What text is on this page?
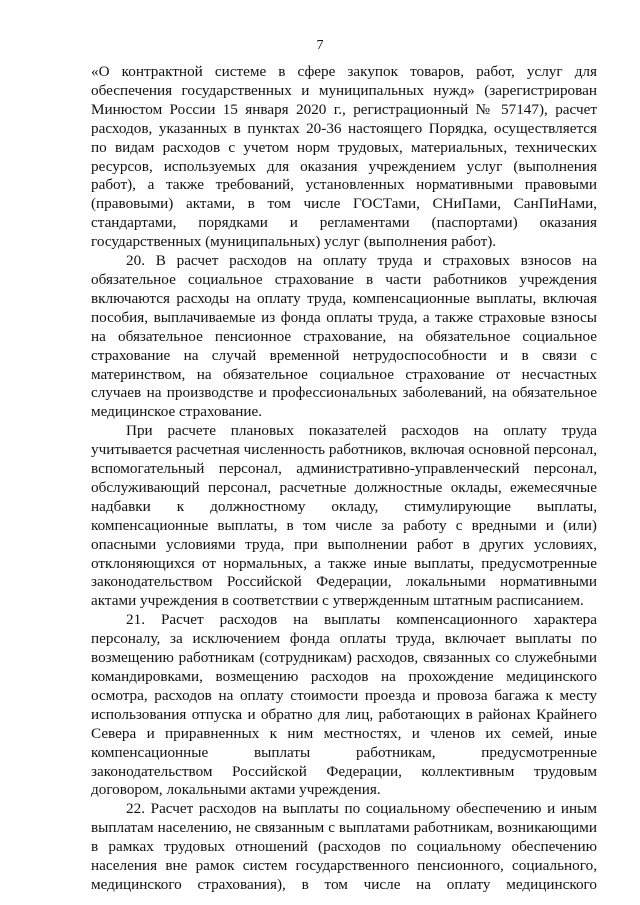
7
«О контрактной системе в сфере закупок товаров, работ, услуг для
обеспечения государственных и муниципальных нужд» (зарегистрирован
Минюстом России 15 января 2020 г., регистрационный № 57147), расчет
расходов, указанных в пунктах 20-36 настоящего Порядка, осуществляется
по видам расходов с учетом норм трудовых, материальных, технических
ресурсов, используемых для оказания учреждением услуг (выполнения
работ), а также требований, установленных нормативными правовыми
(правовыми) актами, в том числе ГОСТами, СНиПами, СанПиНами,
стандартами, порядками и регламентами (паспортами) оказания
государственных (муниципальных) услуг (выполнения работ).
20. В расчет расходов на оплату труда и страховых взносов на
обязательное социальное страхование в части работников учреждения
включаются расходы на оплату труда, компенсационные выплаты, включая
пособия, выплачиваемые из фонда оплаты труда, а также страховые взносы
на обязательное пенсионное страхование, на обязательное социальное
страхование на случай временной нетрудоспособности и в связи с
материнством, на обязательное социальное страхование от несчастных
случаев на производстве и профессиональных заболеваний, на обязательное
медицинское страхование.
При расчете плановых показателей расходов на оплату труда
учитывается расчетная численность работников, включая основной персонал,
вспомогательный персонал, административно-управленческий персонал,
обслуживающий персонал, расчетные должностные оклады, ежемесячные
надбавки к должностному окладу, стимулирующие выплаты,
компенсационные выплаты, в том числе за работу с вредными и (или)
опасными условиями труда, при выполнении работ в других условиях,
отклоняющихся от нормальных, а также иные выплаты, предусмотренные
законодательством Российской Федерации, локальными нормативными
актами учреждения в соответствии с утвержденным штатным расписанием.
21. Расчет расходов на выплаты компенсационного характера
персоналу, за исключением фонда оплаты труда, включает выплаты по
возмещению работникам (сотрудникам) расходов, связанных со служебными
командировками, возмещению расходов на прохождение медицинского
осмотра, расходов на оплату стоимости проезда и провоза багажа к месту
использования отпуска и обратно для лиц, работающих в районах Крайнего
Севера и приравненных к ним местностях, и членов их семей, иные
компенсационные выплаты работникам, предусмотренные
законодательством Российской Федерации, коллективным трудовым
договором, локальными актами учреждения.
22. Расчет расходов на выплаты по социальному обеспечению и иным
выплатам населению, не связанным с выплатами работникам, возникающими
в рамках трудовых отношений (расходов по социальному обеспечению
населения вне рамок систем государственного пенсионного, социального,
медицинского страхования), в том числе на оплату медицинского
